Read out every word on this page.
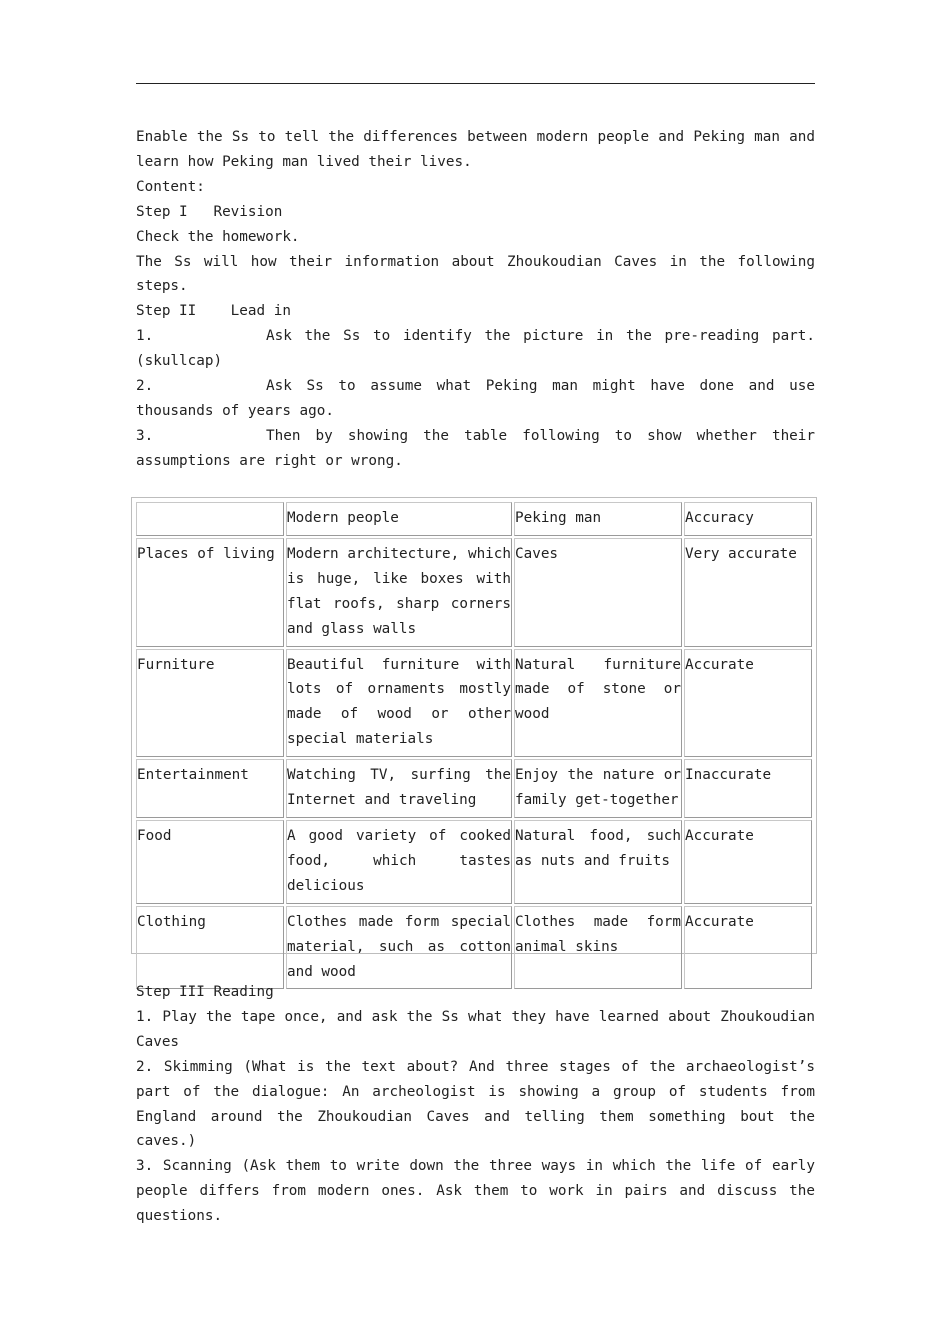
Enable the Ss to tell the differences between modern people and Peking man and learn how Peking man lived their lives.

Content:

Step I   Revision

Check the homework.

The Ss will how their information about Zhoukoudian Caves in the following steps.

Step II    Lead in

1.	Ask the Ss to identify the picture in the pre-reading part. (skullcap)

2.	Ask Ss to assume what Peking man might have done and use thousands of years ago.

3.	Then by showing the table following to show whether their assumptions are right or wrong.

	Modern people	Peking man	Accuracy
Places of living	Modern architecture, which is huge, like boxes with flat roofs, sharp corners and glass walls	Caves	Very accurate
Furniture	Beautiful furniture with lots of ornaments mostly made of wood or other special materials	Natural furniture made of stone or wood	Accurate
Entertainment	Watching TV, surfing the Internet and traveling	Enjoy the nature or family get-together	Inaccurate
Food	A good variety of cooked food, which tastes delicious	Natural food, such as nuts and fruits	Accurate
Clothing	Clothes made form special material, such as cotton and wood	Clothes made form animal skins	Accurate

Step III Reading

1. Play the tape once, and ask the Ss what they have learned about Zhoukoudian Caves

2. Skimming (What is the text about? And three stages of the archaeologist’s part of the dialogue: An archeologist is showing a group of students from England around the Zhoukoudian Caves and telling them something bout the caves.)

3. Scanning (Ask them to write down the three ways in which the life of early people differs from modern ones. Ask them to work in pairs and discuss the questions.
